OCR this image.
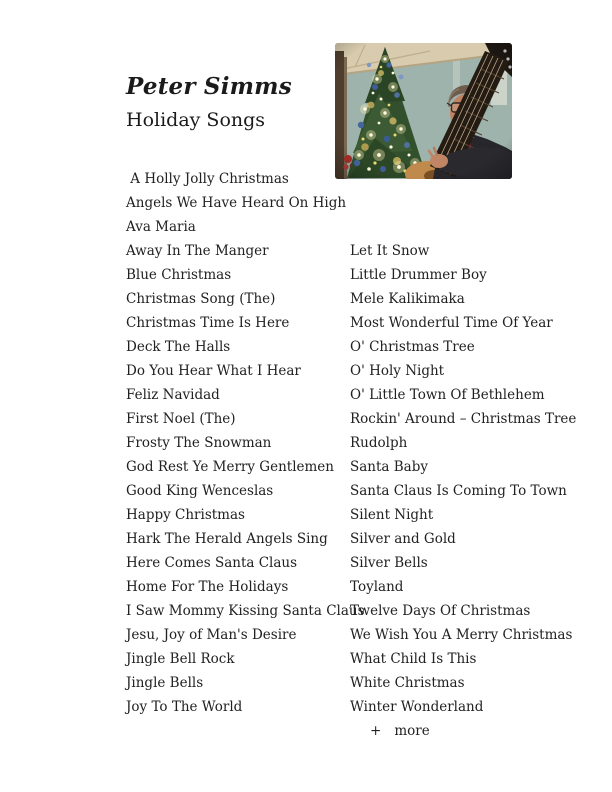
Peter Simms
Holiday Songs
A Holly Jolly Christmas
Angels We Have Heard On High
Ava Maria
Away In The Manger
Blue Christmas
Christmas Song (The)
Christmas Time Is Here
Deck The Halls
Do You Hear What I Hear
Feliz Navidad
First Noel (The)
Frosty The Snowman
God Rest Ye Merry Gentlemen
Good King Wenceslas
Happy Christmas
Hark The Herald Angels Sing
Here Comes Santa Claus
Home For The Holidays
I Saw Mommy Kissing Santa Claus
Jesu, Joy of Man's Desire
Jingle Bell Rock
Jingle Bells
Joy To The World

Let It Snow
Little Drummer Boy
Mele Kalikimaka
Most Wonderful Time Of Year
O' Christmas Tree
O' Holy Night
O' Little Town Of Bethlehem
Rockin' Around – Christmas Tree
Rudolph
Santa Baby
Santa Claus Is Coming To Town
Silent Night
Silver and Gold
Silver Bells
Toyland
Twelve Days Of Christmas
We Wish You A Merry Christmas
What Child Is This
White Christmas
Winter Wonderland
+ more
